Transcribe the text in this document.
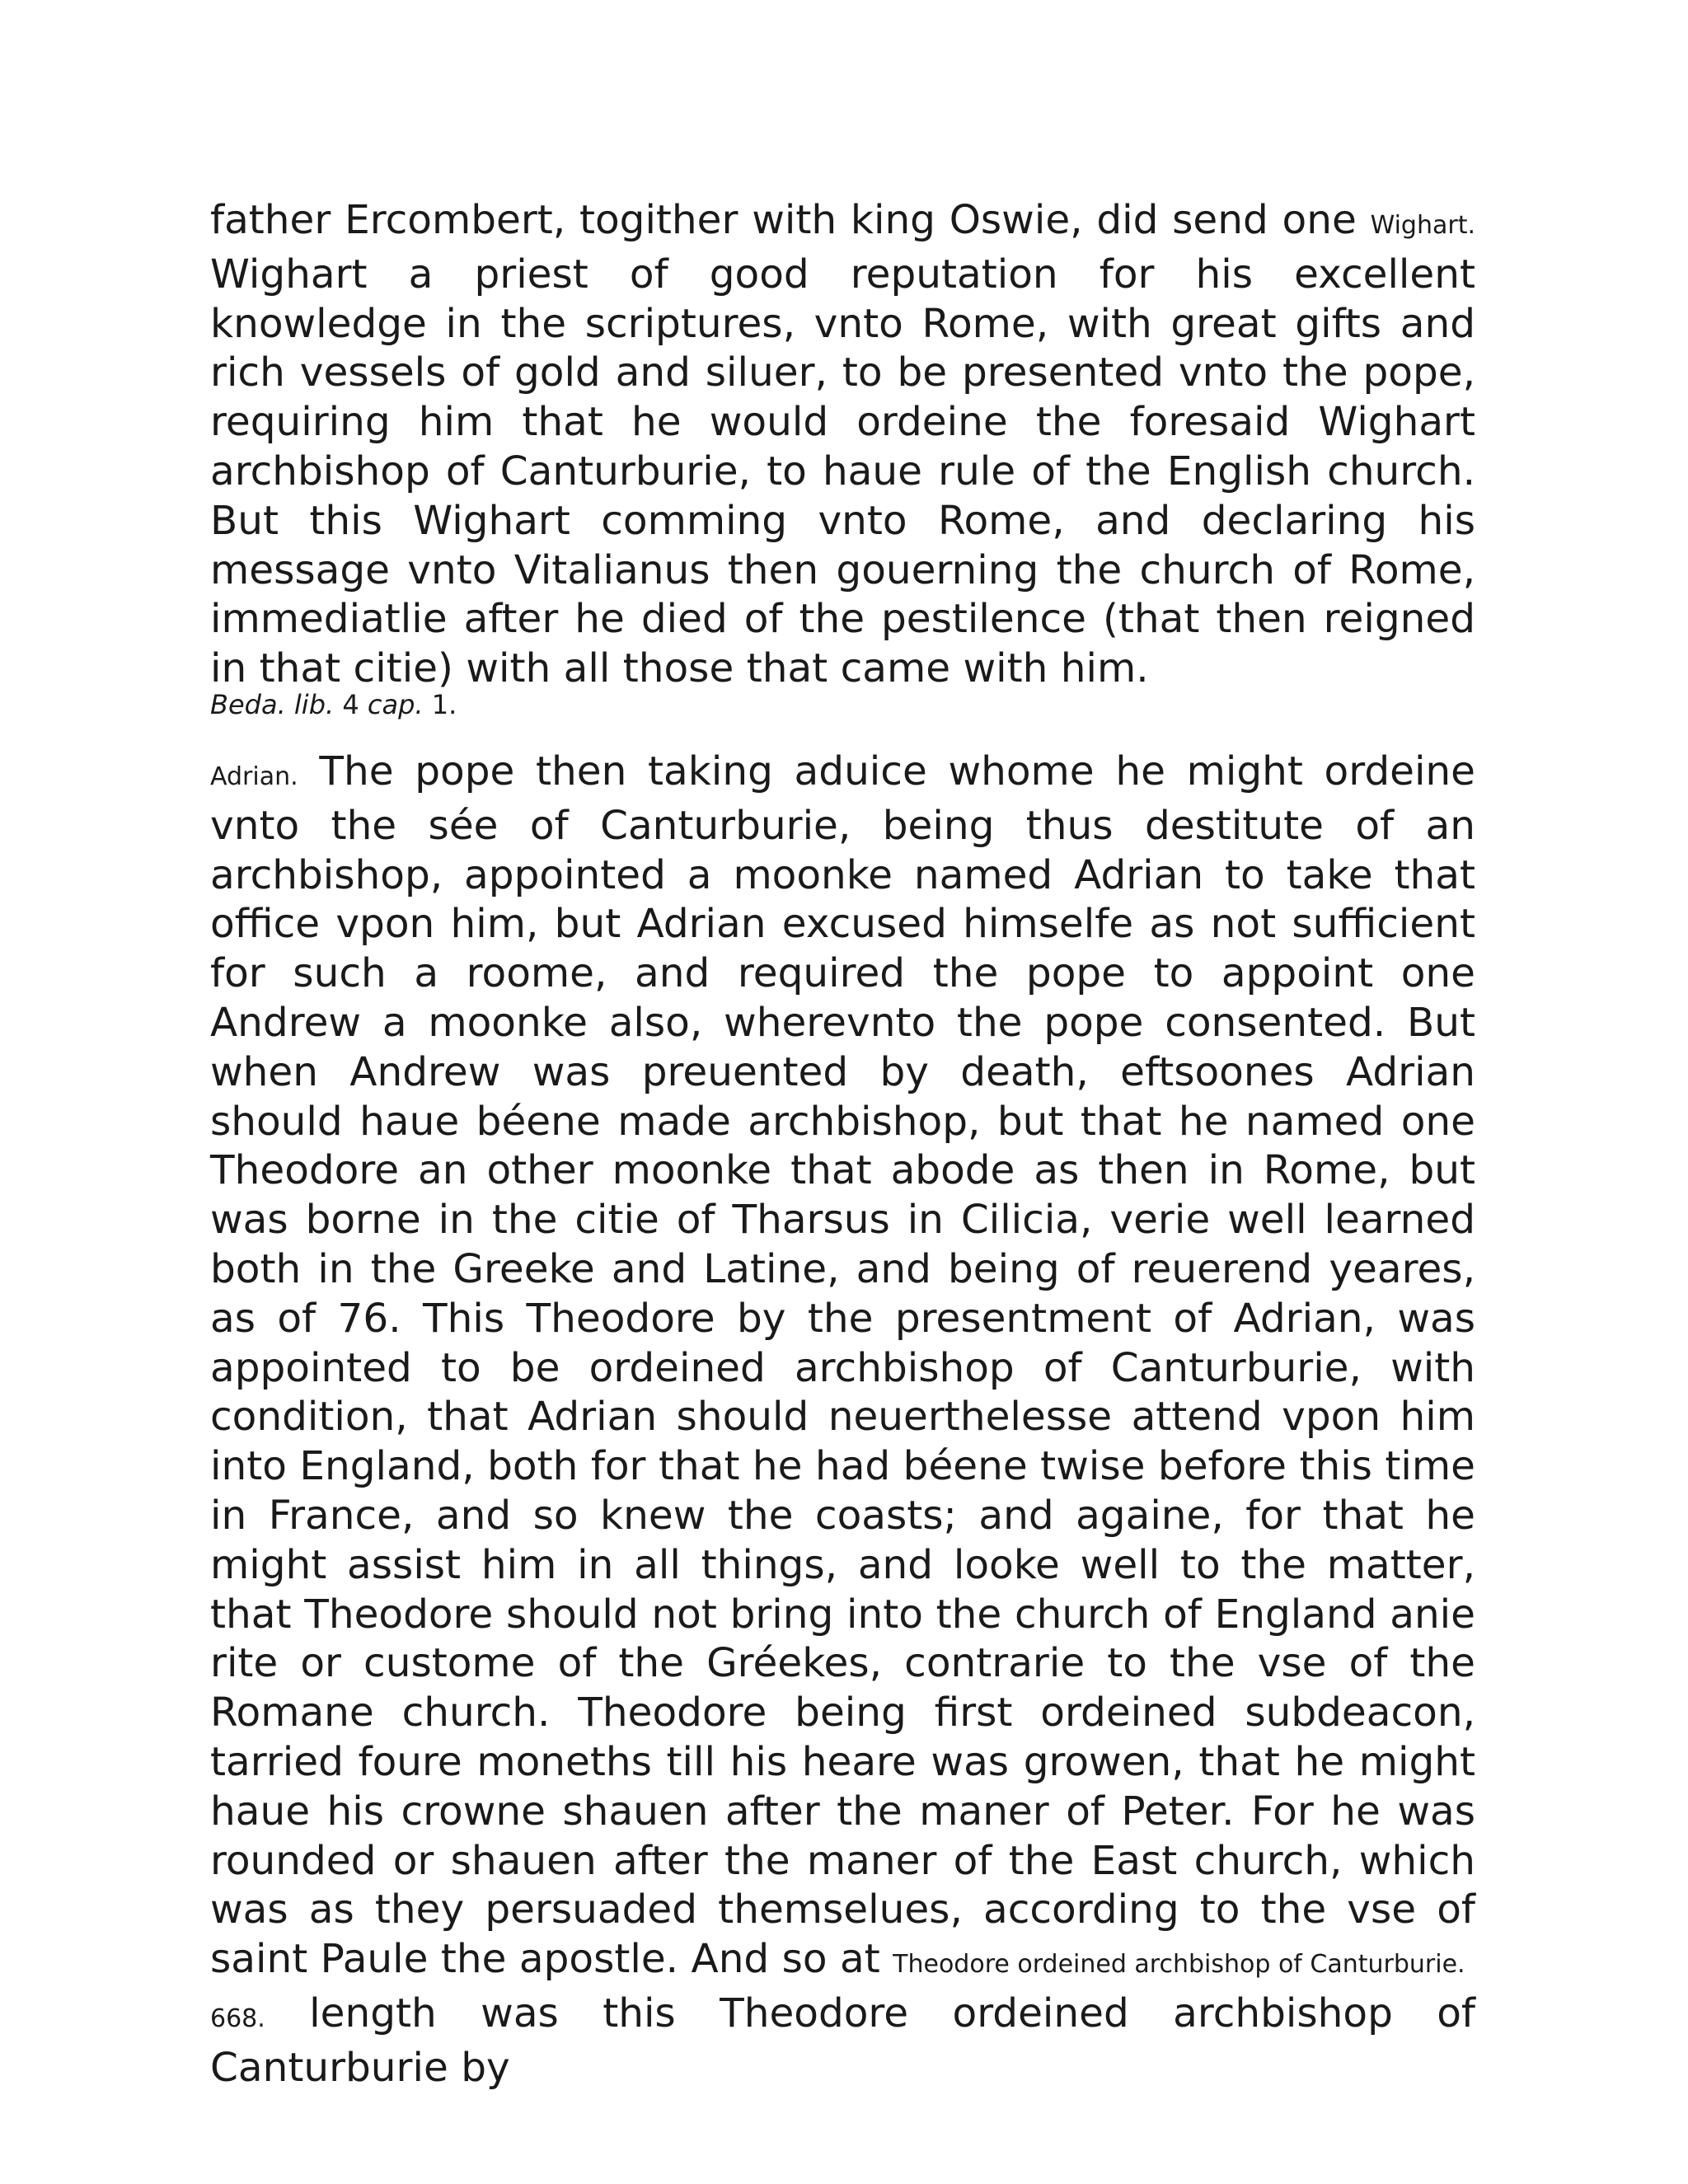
father Ercombert, togither with king Oswie, did send one Wighart. Wighart a priest of good reputation for his excellent knowledge in the scriptures, vnto Rome, with great gifts and rich vessels of gold and siluer, to be presented vnto the pope, requiring him that he would ordeine the foresaid Wighart archbishop of Canturburie, to haue rule of the English church. But this Wighart comming vnto Rome, and declaring his message vnto Vitalianus then gouerning the church of Rome, immediatlie after he died of the pestilence (that then reigned in that citie) with all those that came with him.

Beda. lib. 4 cap. 1.

Adrian. The pope then taking aduice whome he might ordeine vnto the sée of Canturburie, being thus destitute of an archbishop, appointed a moonke named Adrian to take that office vpon him, but Adrian excused himselfe as not sufficient for such a roome, and required the pope to appoint one Andrew a moonke also, wherevnto the pope consented. But when Andrew was preuented by death, eftsoones Adrian should haue béene made archbishop, but that he named one Theodore an other moonke that abode as then in Rome, but was borne in the citie of Tharsus in Cilicia, verie well learned both in the Greeke and Latine, and being of reuerend yeares, as of 76. This Theodore by the presentment of Adrian, was appointed to be ordeined archbishop of Canturburie, with condition, that Adrian should neuerthelesse attend vpon him into England, both for that he had béene twise before this time in France, and so knew the coasts; and againe, for that he might assist him in all things, and looke well to the matter, that Theodore should not bring into the church of England anie rite or custome of the Gréekes, contrarie to the vse of the Romane church. Theodore being first ordeined subdeacon, tarried foure moneths till his heare was growen, that he might haue his crowne shauen after the maner of Peter. For he was rounded or shauen after the maner of the East church, which was as they persuaded themselues, according to the vse of saint Paule the apostle. And so at Theodore ordeined archbishop of Canturburie.
668. length was this Theodore ordeined archbishop of Canturburie by
